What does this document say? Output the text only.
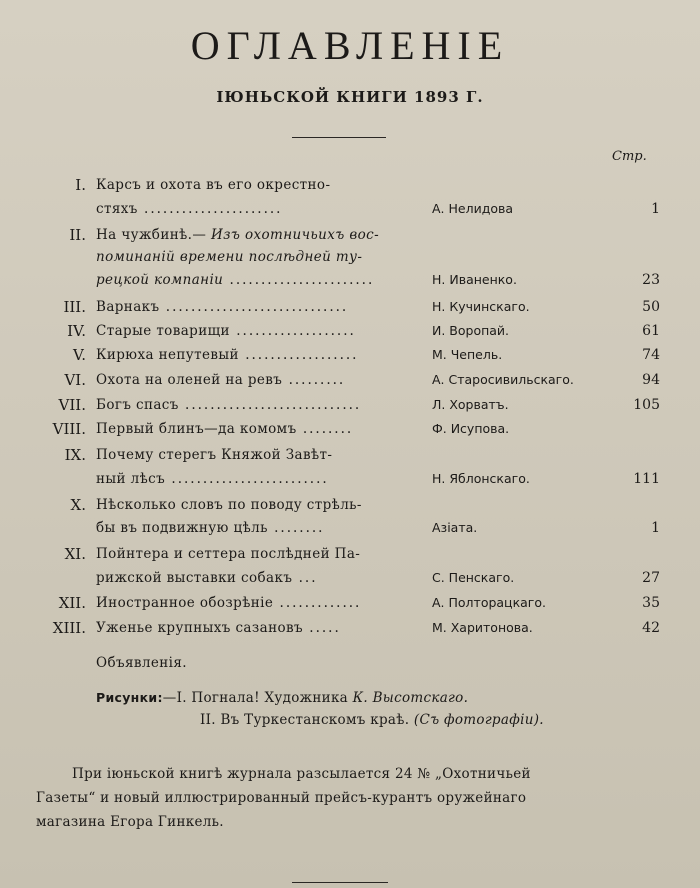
ОГЛАВЛЕНІЕ
ІЮНЬСКОЙ КНИГИ 1893 Г.
Стр.
I. Карсъ и охота въ его окрестно-
стяхъ ......................	А. Нелидова	1
II. На чужбинѣ.— Изъ охотничьихъ вос-
поминаній времени послѣдней ту-
рецкой компаніи .......................	Н. Иваненко.	23
III. Варнакъ .............................	Н. Кучинскаго.	50
IV. Старые товарищи ...................	И. Воропай.	61
V. Кирюха непутевый ..................	М. Чепель.	74
VI. Охота на оленей на ревъ .........	А. Старосивильскаго.	94
VII. Богъ спасъ ............................	Л. Хорватъ.	105
VIII. Первый блинъ—да комомъ ........	Ф. Исупова.
IX. Почему стерегъ Княжой Завѣт-
ный лѣсъ .........................	Н. Яблонскаго.	111
X. Нѣсколько словъ по поводу стрѣль-
бы въ подвижную цѣль ........	Азіата.	1
XI. Пойнтера и сеттера послѣдней Па-
рижской выставки собакъ ...	С. Пенскаго.	27
XII. Иностранное обозрѣніе .............	А. Полторацкаго.	35
XIII. Уженье крупныхъ сазановъ .....	М. Харитонова.	42
Объявленія.
Рисунки:—I. Погнала! Художника К. Высотскаго.
II. Въ Туркестанскомъ краѣ. (Съ фотографіи).
При іюньской книгѣ журнала разсылается 24 № „Охотничьей
Газеты“ и новый иллюстрированный прейсъ-курантъ оружейнаго
магазина Егора Гинкель.
